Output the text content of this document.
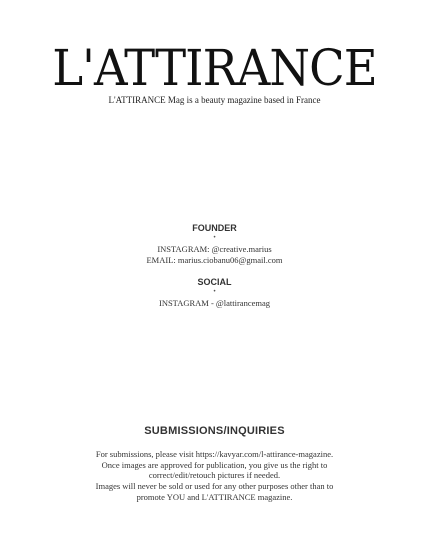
L'ATTIRANCE
L'ATTIRANCE Mag is a beauty magazine based in France
FOUNDER
•
INSTAGRAM: @creative.marius
EMAIL: marius.ciobanu06@gmail.com
SOCIAL
•
INSTAGRAM - @lattirancemag
SUBMISSIONS/INQUIRIES
For submissions, please visit https://kavyar.com/l-attirance-magazine.
Once images are approved for publication, you give us the right to
correct/edit/retouch pictures if needed.
Images will never be sold or used for any other purposes other than to
promote YOU and L'ATTIRANCE magazine.
